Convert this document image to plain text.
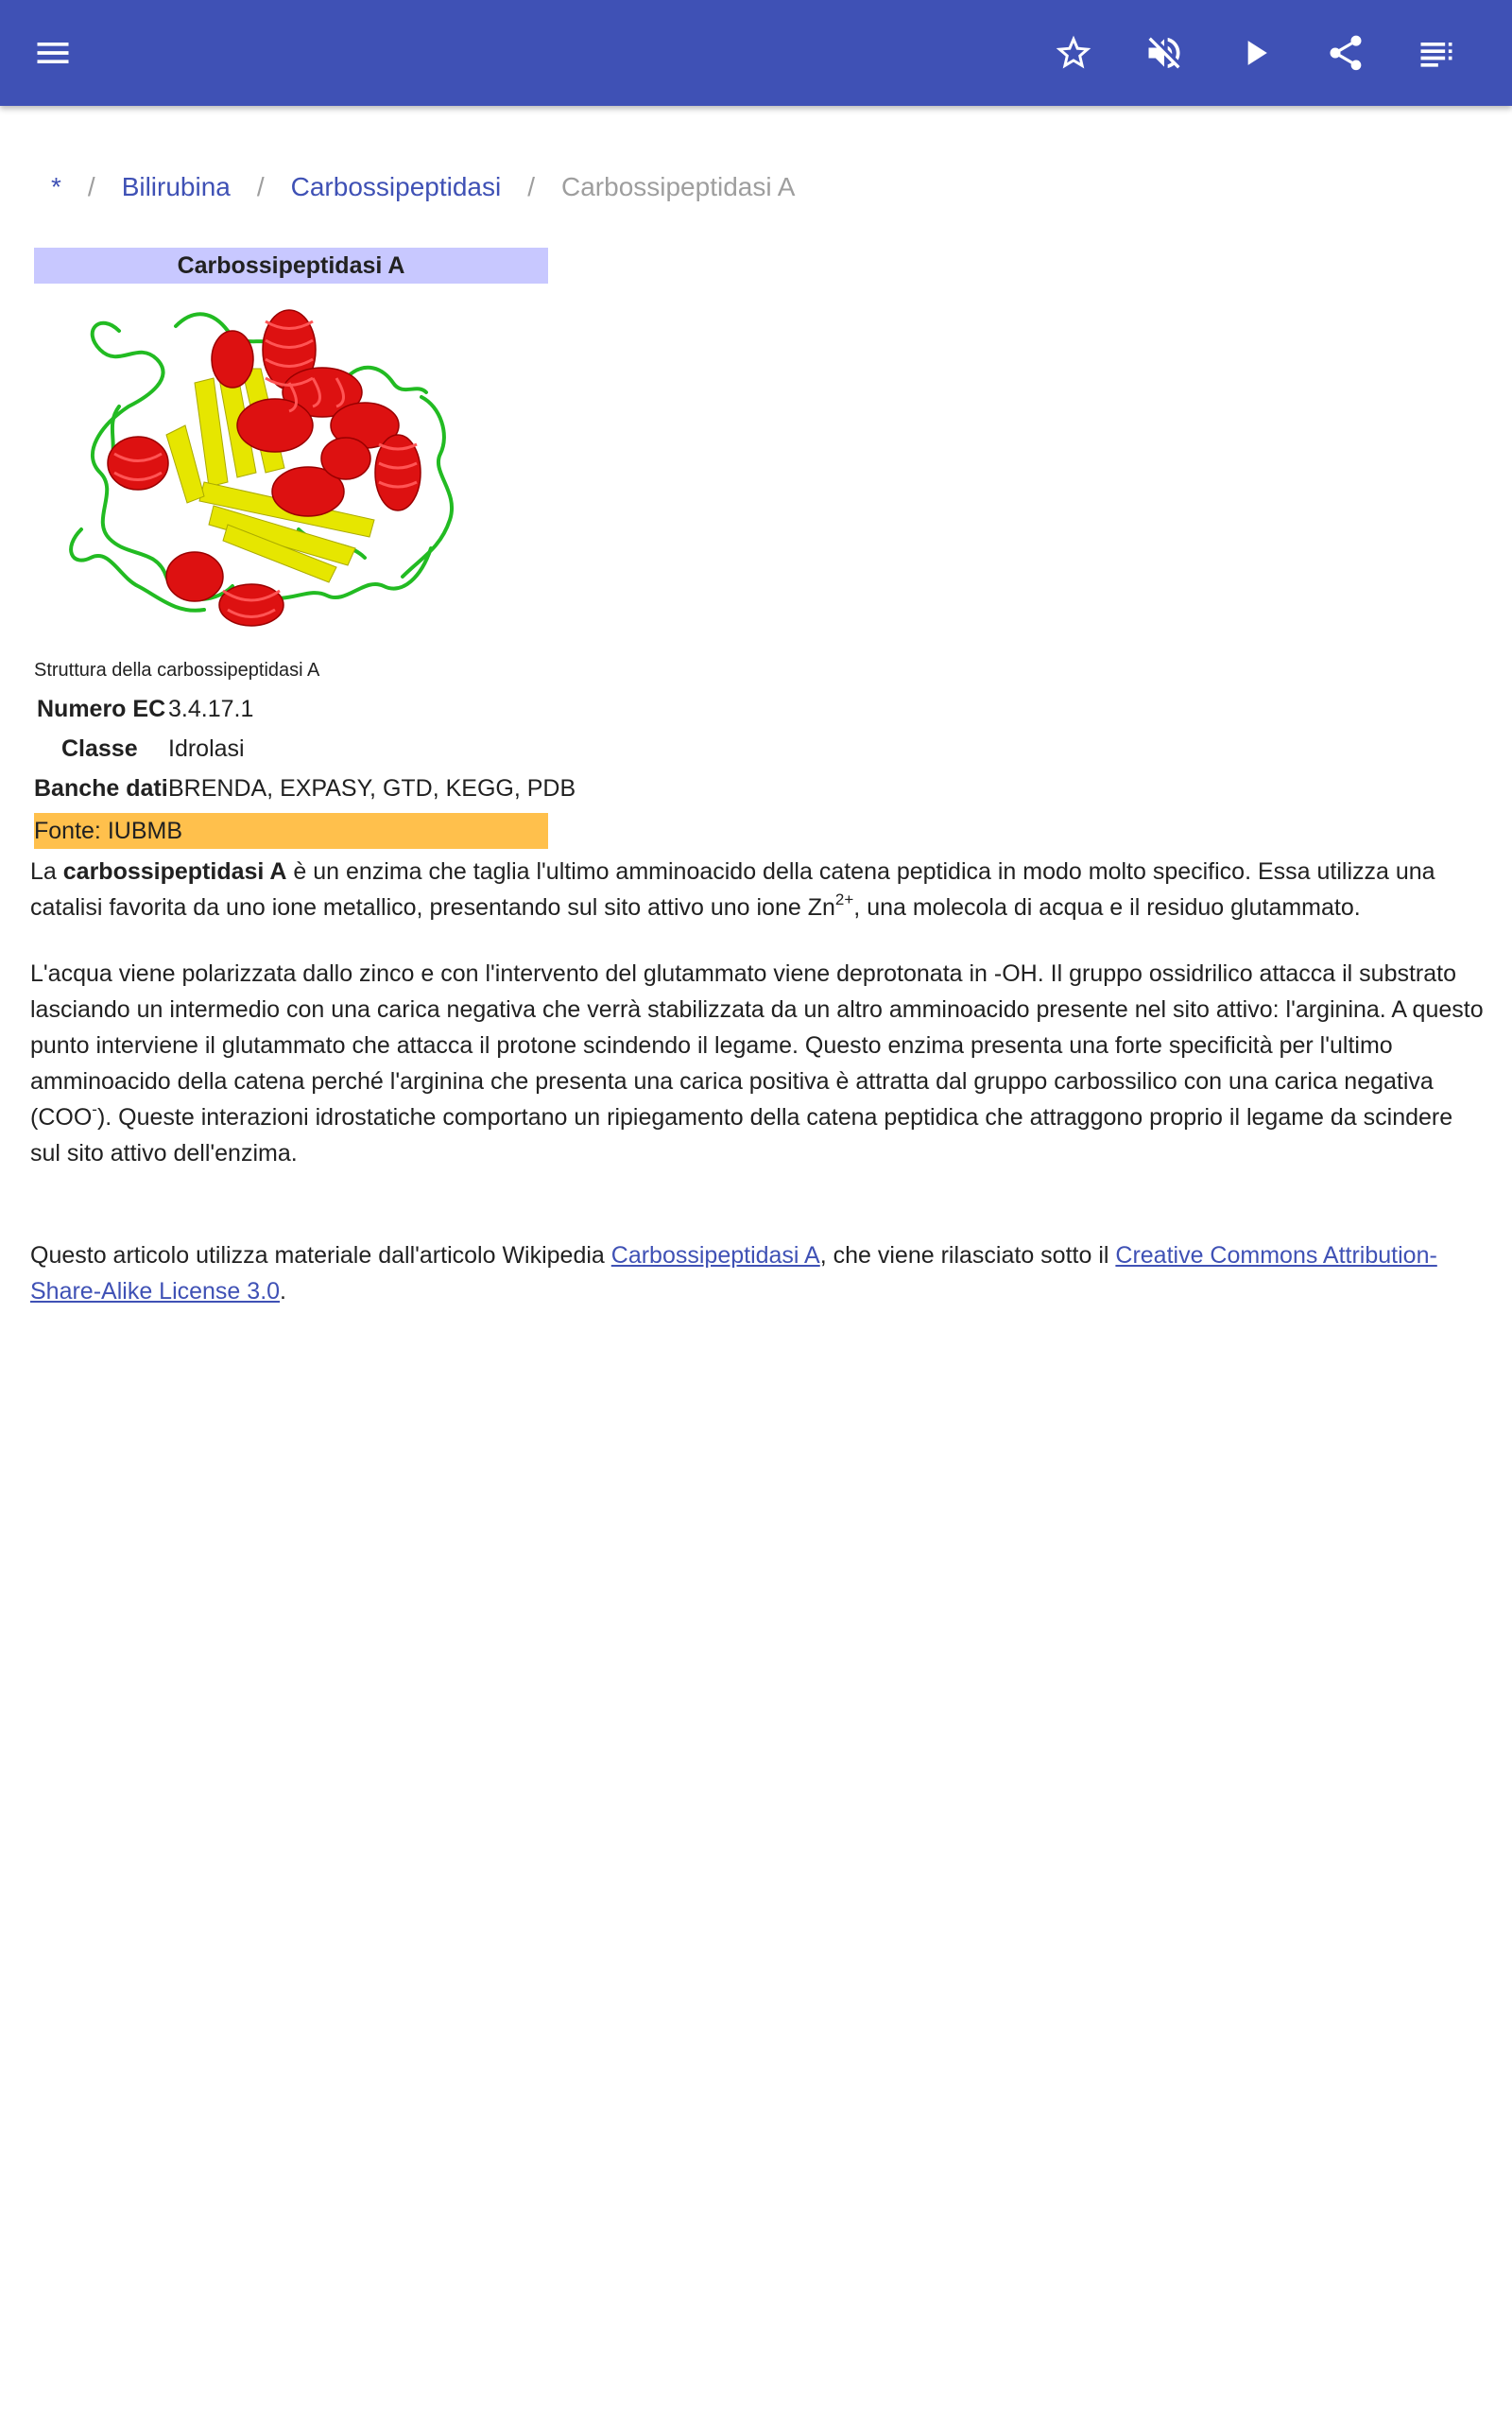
* / Bilirubina / Carbossipeptidasi / Carbossipeptidasi A
Carbossipeptidasi A
Struttura della carbossipeptidasi A
Numero EC 3.4.17.1
Classe Idrolasi
Banche dati BRENDA, EXPASY, GTD, KEGG, PDB
Fonte: IUBMB

La carbossipeptidasi A è un enzima che taglia l'ultimo amminoacido della catena peptidica in modo molto specifico. Essa utilizza una catalisi favorita da uno ione metallico, presentando sul sito attivo uno ione $Zn^{2+}$, una molecola di acqua e il residuo glutammato.

L'acqua viene polarizzata dallo zinco e con l'intervento del glutammato viene deprotonata in -OH. Il gruppo ossidrilico attacca il substrato lasciando un intermedio con una carica negativa che verrà stabilizzata da un altro amminoacido presente nel sito attivo: l'arginina. A questo punto interviene il glutammato che attacca il protone scindendo il legame. Questo enzima presenta una forte specificità per l'ultimo amminoacido della catena perché l'arginina che presenta una carica positiva è attratta dal gruppo carbossilico con una carica negativa (COO-). Queste interazioni idrostatiche comportano un ripiegamento della catena peptidica che attraggono proprio il legame da scindere sul sito attivo dell'enzima.

Questo articolo utilizza materiale dall'articolo Wikipedia Carbossipeptidasi A, che viene rilasciato sotto il Creative Commons Attribution-Share-Alike License 3.0.
